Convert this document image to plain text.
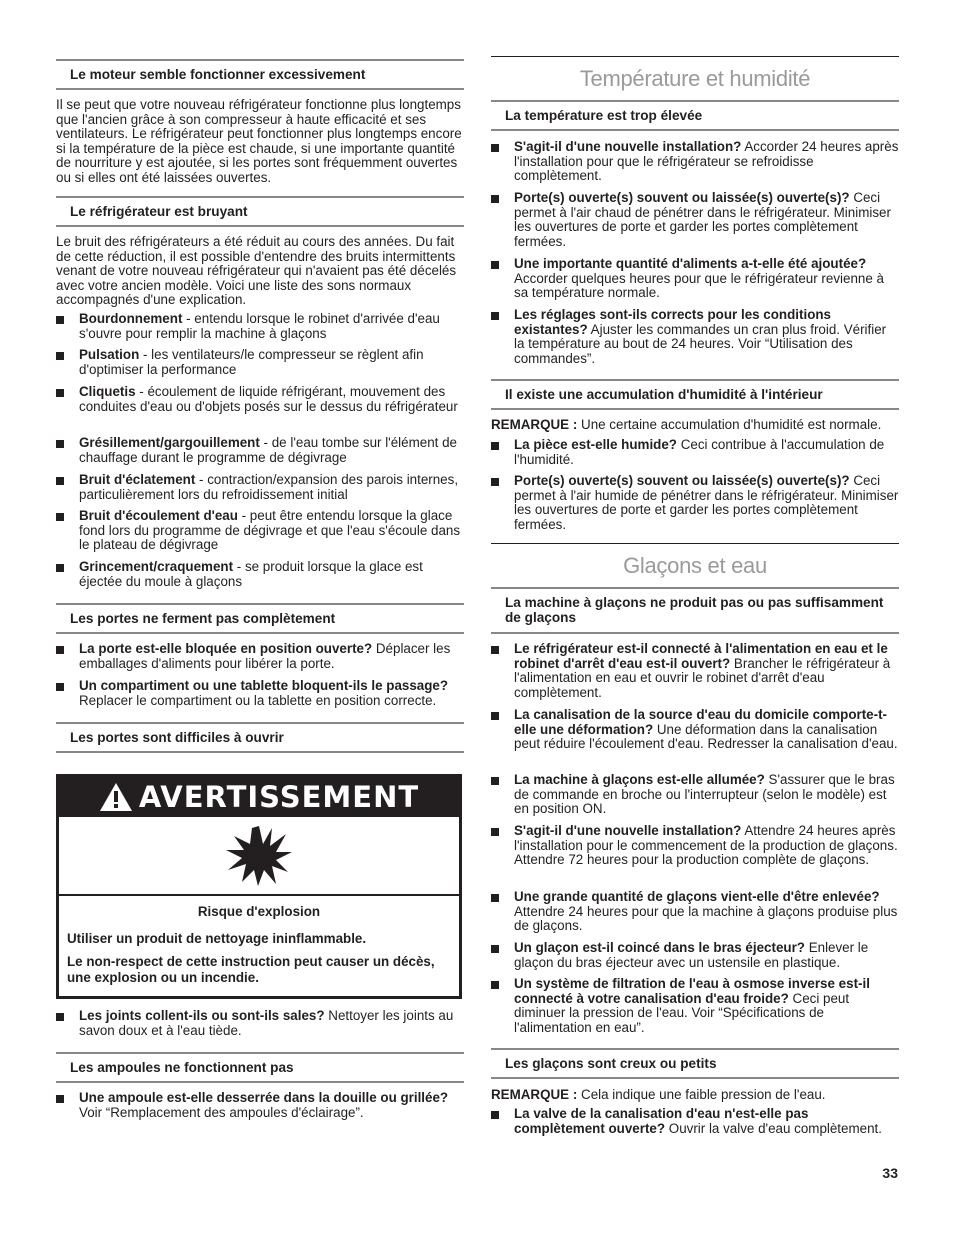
Le moteur semble fonctionner excessivement

Il se peut que votre nouveau réfrigérateur fonctionne plus longtemps que l'ancien grâce à son compresseur à haute efficacité et ses ventilateurs. Le réfrigérateur peut fonctionner plus longtemps encore si la température de la pièce est chaude, si une importante quantité de nourriture y est ajoutée, si les portes sont fréquemment ouvertes ou si elles ont été laissées ouvertes.

Le réfrigérateur est bruyant

Le bruit des réfrigérateurs a été réduit au cours des années. Du fait de cette réduction, il est possible d'entendre des bruits intermittents venant de votre nouveau réfrigérateur qui n'avaient pas été décelés avec votre ancien modèle. Voici une liste des sons normaux accompagnés d'une explication.

Bourdonnement - entendu lorsque le robinet d'arrivée d'eau s'ouvre pour remplir la machine à glaçons
Pulsation - les ventilateurs/le compresseur se règlent afin d'optimiser la performance
Cliquetis - écoulement de liquide réfrigérant, mouvement des conduites d'eau ou d'objets posés sur le dessus du réfrigérateur
Grésillement/gargouillement - de l'eau tombe sur l'élément de chauffage durant le programme de dégivrage
Bruit d'éclatement - contraction/expansion des parois internes, particulièrement lors du refroidissement initial
Bruit d'écoulement d'eau - peut être entendu lorsque la glace fond lors du programme de dégivrage et que l'eau s'écoule dans le plateau de dégivrage
Grincement/craquement - se produit lorsque la glace est éjectée du moule à glaçons
Les portes ne ferment pas complètement
La porte est-elle bloquée en position ouverte? Déplacer les emballages d'aliments pour libérer la porte.
Un compartiment ou une tablette bloquent-ils le passage? Replacer le compartiment ou la tablette en position correcte.
Les portes sont difficiles à ouvrir
AVERTISSEMENT
Risque d'explosion
Utiliser un produit de nettoyage ininflammable.
Le non-respect de cette instruction peut causer un décès, une explosion ou un incendie.
Les joints collent-ils ou sont-ils sales? Nettoyer les joints au savon doux et à l'eau tiède.
Les ampoules ne fonctionnent pas
Une ampoule est-elle desserrée dans la douille ou grillée? Voir “Remplacement des ampoules d'éclairage”.
Température et humidité
La température est trop élevée
S'agit-il d'une nouvelle installation? Accorder 24 heures après l'installation pour que le réfrigérateur se refroidisse complètement.
Porte(s) ouverte(s) souvent ou laissée(s) ouverte(s)? Ceci permet à l'air chaud de pénétrer dans le réfrigérateur. Minimiser les ouvertures de porte et garder les portes complètement fermées.
Une importante quantité d'aliments a-t-elle été ajoutée? Accorder quelques heures pour que le réfrigérateur revienne à sa température normale.
Les réglages sont-ils corrects pour les conditions existantes? Ajuster les commandes un cran plus froid. Vérifier la température au bout de 24 heures. Voir “Utilisation des commandes”.
Il existe une accumulation d'humidité à l'intérieur

REMARQUE : Une certaine accumulation d'humidité est normale.

La pièce est-elle humide? Ceci contribue à l'accumulation de l'humidité.
Porte(s) ouverte(s) souvent ou laissée(s) ouverte(s)? Ceci permet à l'air humide de pénétrer dans le réfrigérateur. Minimiser les ouvertures de porte et garder les portes complètement fermées.
Glaçons et eau
La machine à glaçons ne produit pas ou pas suffisamment de glaçons
Le réfrigérateur est-il connecté à l'alimentation en eau et le robinet d'arrêt d'eau est-il ouvert? Brancher le réfrigérateur à l'alimentation en eau et ouvrir le robinet d'arrêt d'eau complètement.
La canalisation de la source d'eau du domicile comporte-t-elle une déformation? Une déformation dans la canalisation peut réduire l'écoulement d'eau. Redresser la canalisation d'eau.
La machine à glaçons est-elle allumée? S'assurer que le bras de commande en broche ou l'interrupteur (selon le modèle) est en position ON.
S'agit-il d'une nouvelle installation? Attendre 24 heures après l'installation pour le commencement de la production de glaçons. Attendre 72 heures pour la production complète de glaçons.
Une grande quantité de glaçons vient-elle d'être enlevée? Attendre 24 heures pour que la machine à glaçons produise plus de glaçons.
Un glaçon est-il coincé dans le bras éjecteur? Enlever le glaçon du bras éjecteur avec un ustensile en plastique.
Un système de filtration de l'eau à osmose inverse est-il connecté à votre canalisation d'eau froide? Ceci peut diminuer la pression de l'eau. Voir “Spécifications de l'alimentation en eau”.
Les glaçons sont creux ou petits

REMARQUE : Cela indique une faible pression de l'eau.

La valve de la canalisation d'eau n'est-elle pas complètement ouverte? Ouvrir la valve d'eau complètement.
33
